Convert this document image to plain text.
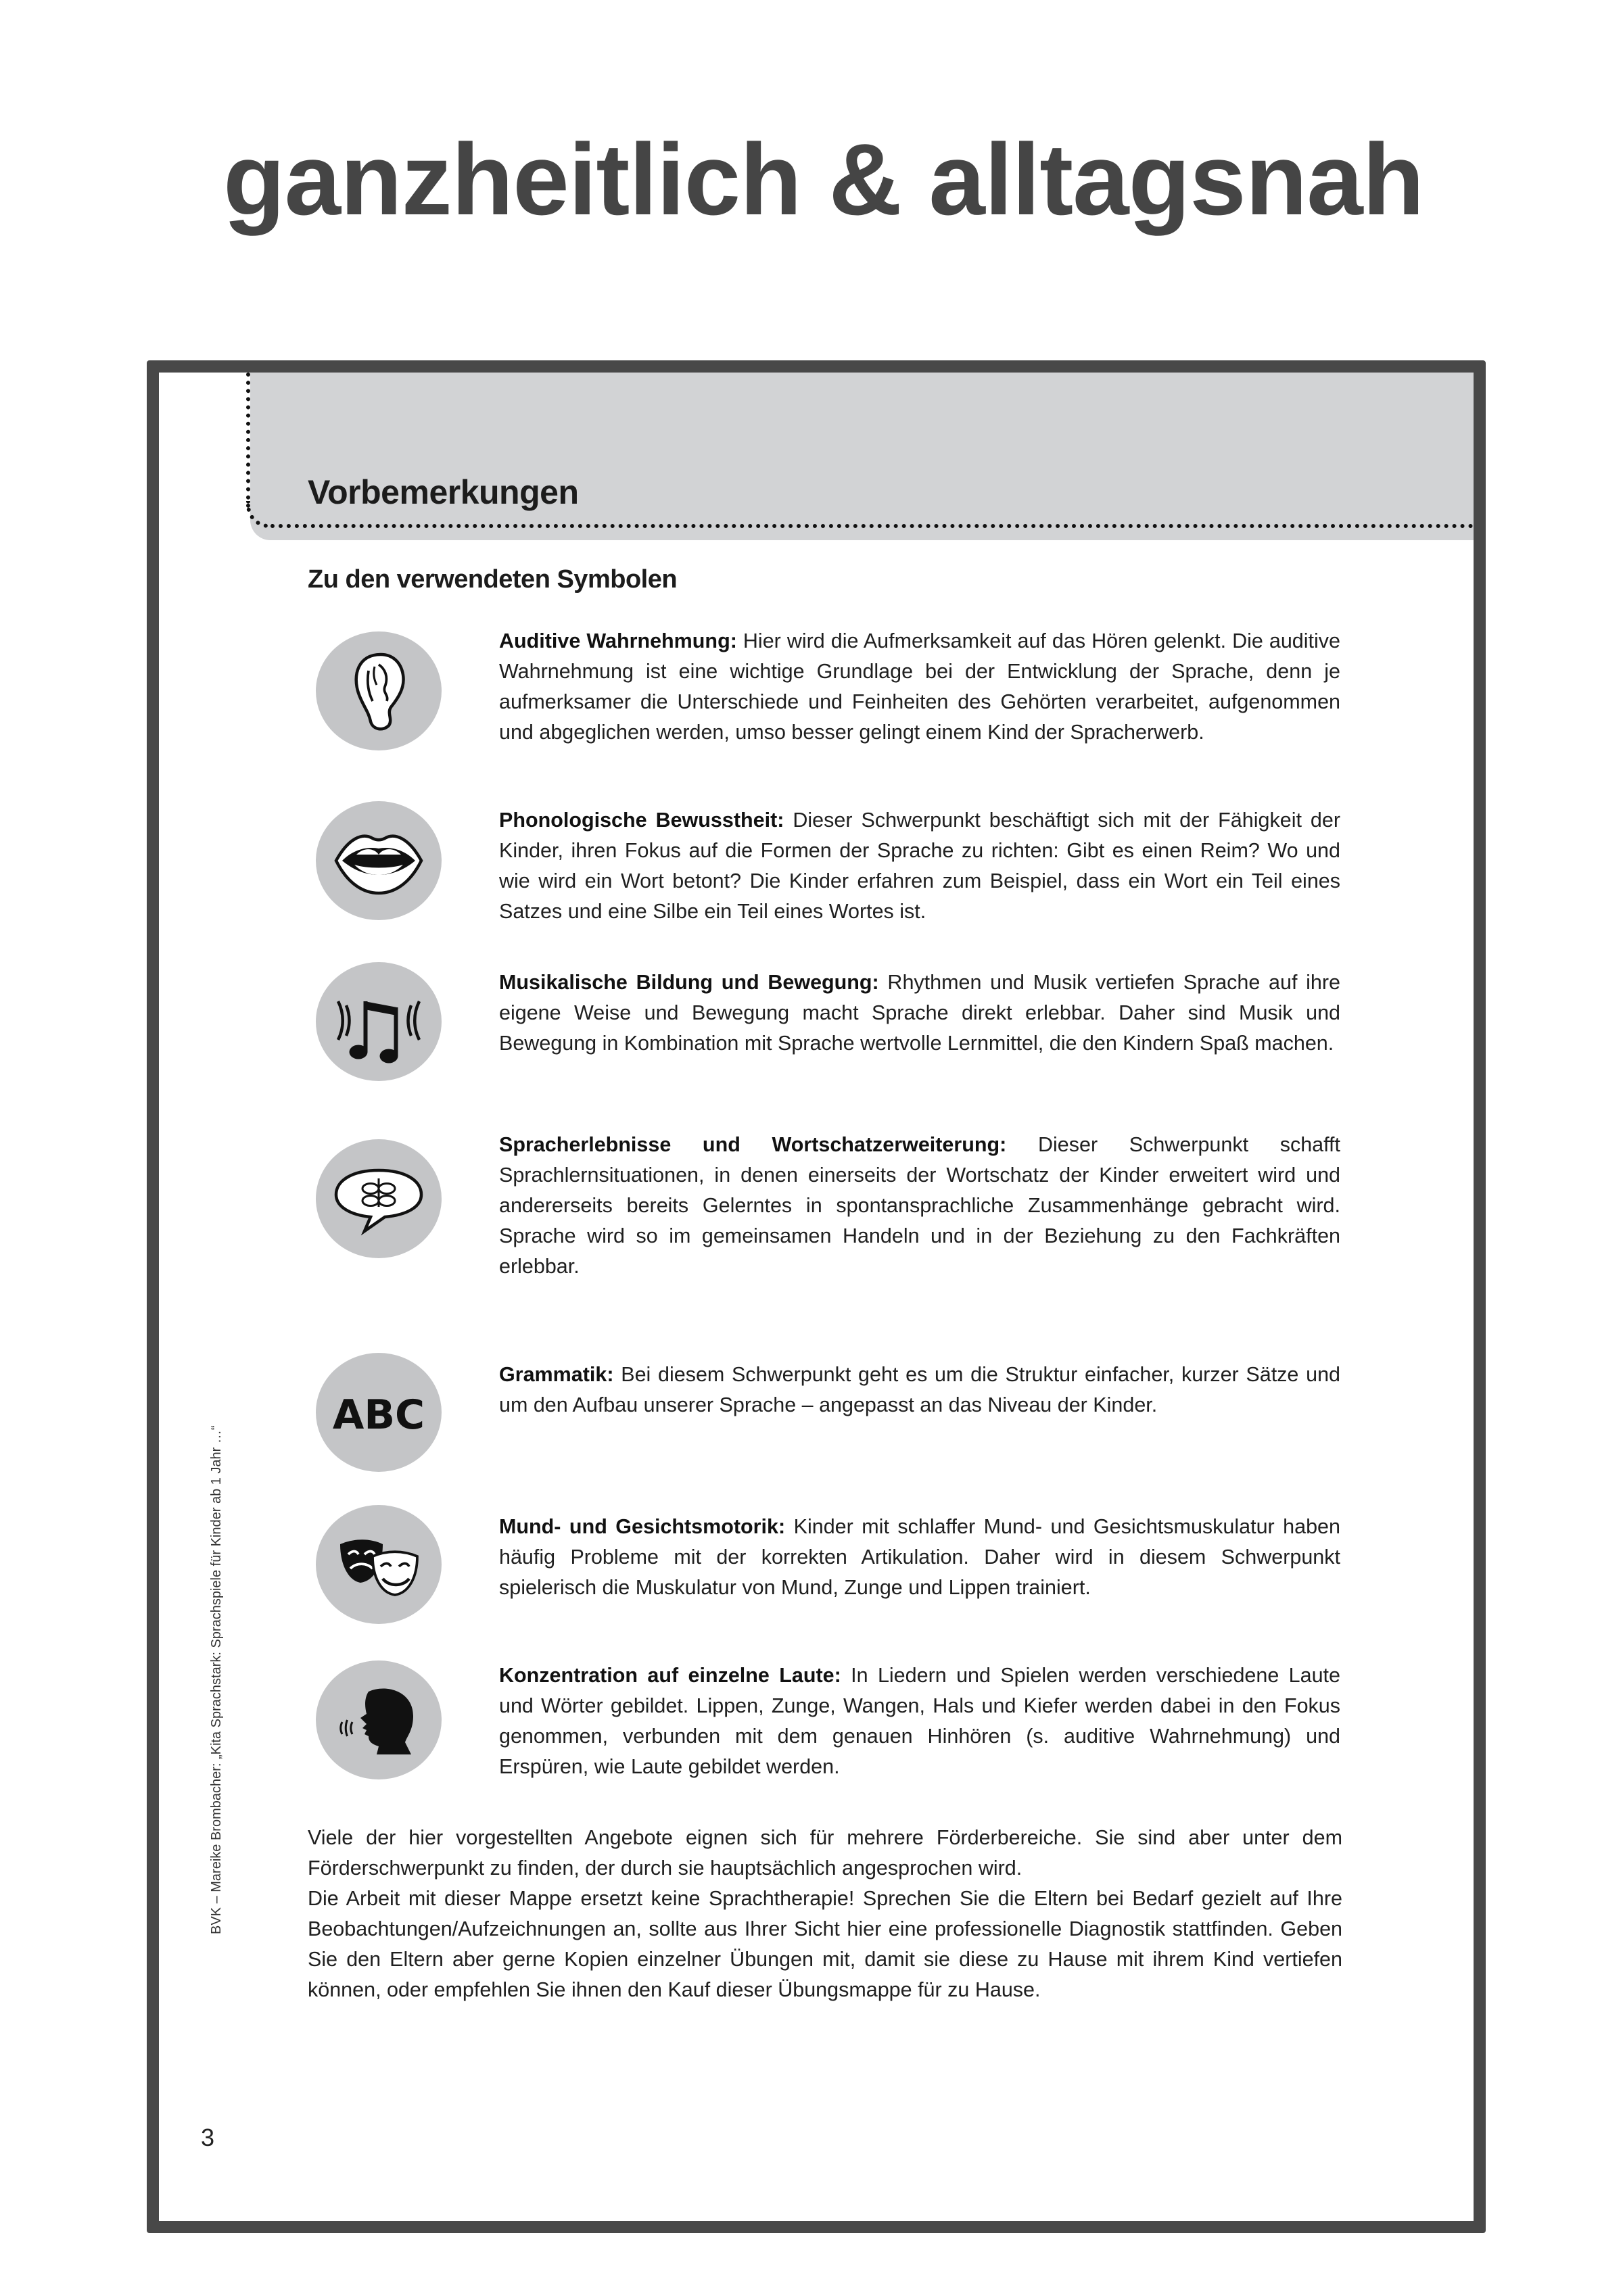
ganzheitlich & alltagsnah
Vorbemerkungen
Zu den verwendeten Symbolen

Auditive Wahrnehmung: Hier wird die Aufmerksamkeit auf das Hören gelenkt. Die auditive Wahrnehmung ist eine wichtige Grundlage bei der Entwicklung der Sprache, denn je aufmerksamer die Unterschiede und Feinheiten des Gehörten verarbeitet, aufgenommen und abgeglichen werden, umso besser gelingt einem Kind der Spracherwerb.

Phonologische Bewusstheit: Dieser Schwerpunkt beschäftigt sich mit der Fähigkeit der Kinder, ihren Fokus auf die Formen der Sprache zu richten: Gibt es einen Reim? Wo und wie wird ein Wort betont? Die Kinder erfahren zum Beispiel, dass ein Wort ein Teil eines Satzes und eine Silbe ein Teil eines Wortes ist.

Musikalische Bildung und Bewegung: Rhythmen und Musik vertiefen Sprache auf ihre eigene Weise und Bewegung macht Sprache direkt erlebbar. Daher sind Musik und Bewegung in Kombination mit Sprache wertvolle Lernmittel, die den Kindern Spaß machen.

Spracherlebnisse und Wortschatzerweiterung: Dieser Schwerpunkt schafft Sprachlernsituationen, in denen einerseits der Wortschatz der Kinder erweitert wird und andererseits bereits Gelerntes in spontansprachliche Zusammenhänge gebracht wird. Sprache wird so im gemeinsamen Handeln und in der Beziehung zu den Fachkräften erlebbar.

ABC

Grammatik: Bei diesem Schwerpunkt geht es um die Struktur einfacher, kurzer Sätze und um den Aufbau unserer Sprache – angepasst an das Niveau der Kinder.

Mund- und Gesichtsmotorik: Kinder mit schlaffer Mund- und Gesichtsmuskulatur haben häufig Probleme mit der korrekten Artikulation. Daher wird in diesem Schwerpunkt spielerisch die Muskulatur von Mund, Zunge und Lippen trainiert.

Konzentration auf einzelne Laute: In Liedern und Spielen werden verschiedene Laute und Wörter gebildet. Lippen, Zunge, Wangen, Hals und Kiefer werden dabei in den Fokus genommen, verbunden mit dem genauen Hinhören (s. auditive Wahrnehmung) und Erspüren, wie Laute gebildet werden.

Viele der hier vorgestellten Angebote eignen sich für mehrere Förderbereiche. Sie sind aber unter dem Förderschwerpunkt zu finden, der durch sie hauptsächlich angesprochen wird.

Die Arbeit mit dieser Mappe ersetzt keine Sprachtherapie! Sprechen Sie die Eltern bei Bedarf gezielt auf Ihre Beobachtungen/Aufzeichnungen an, sollte aus Ihrer Sicht hier eine professionelle Diagnostik stattfinden. Geben Sie den Eltern aber gerne Kopien einzelner Übungen mit, damit sie diese zu Hause mit ihrem Kind vertiefen können, oder empfehlen Sie ihnen den Kauf dieser Übungsmappe für zu Hause.

BVK – Mareike Brombacher: „Kita Sprachstark: Sprachspiele für Kinder ab 1 Jahr …“
3
